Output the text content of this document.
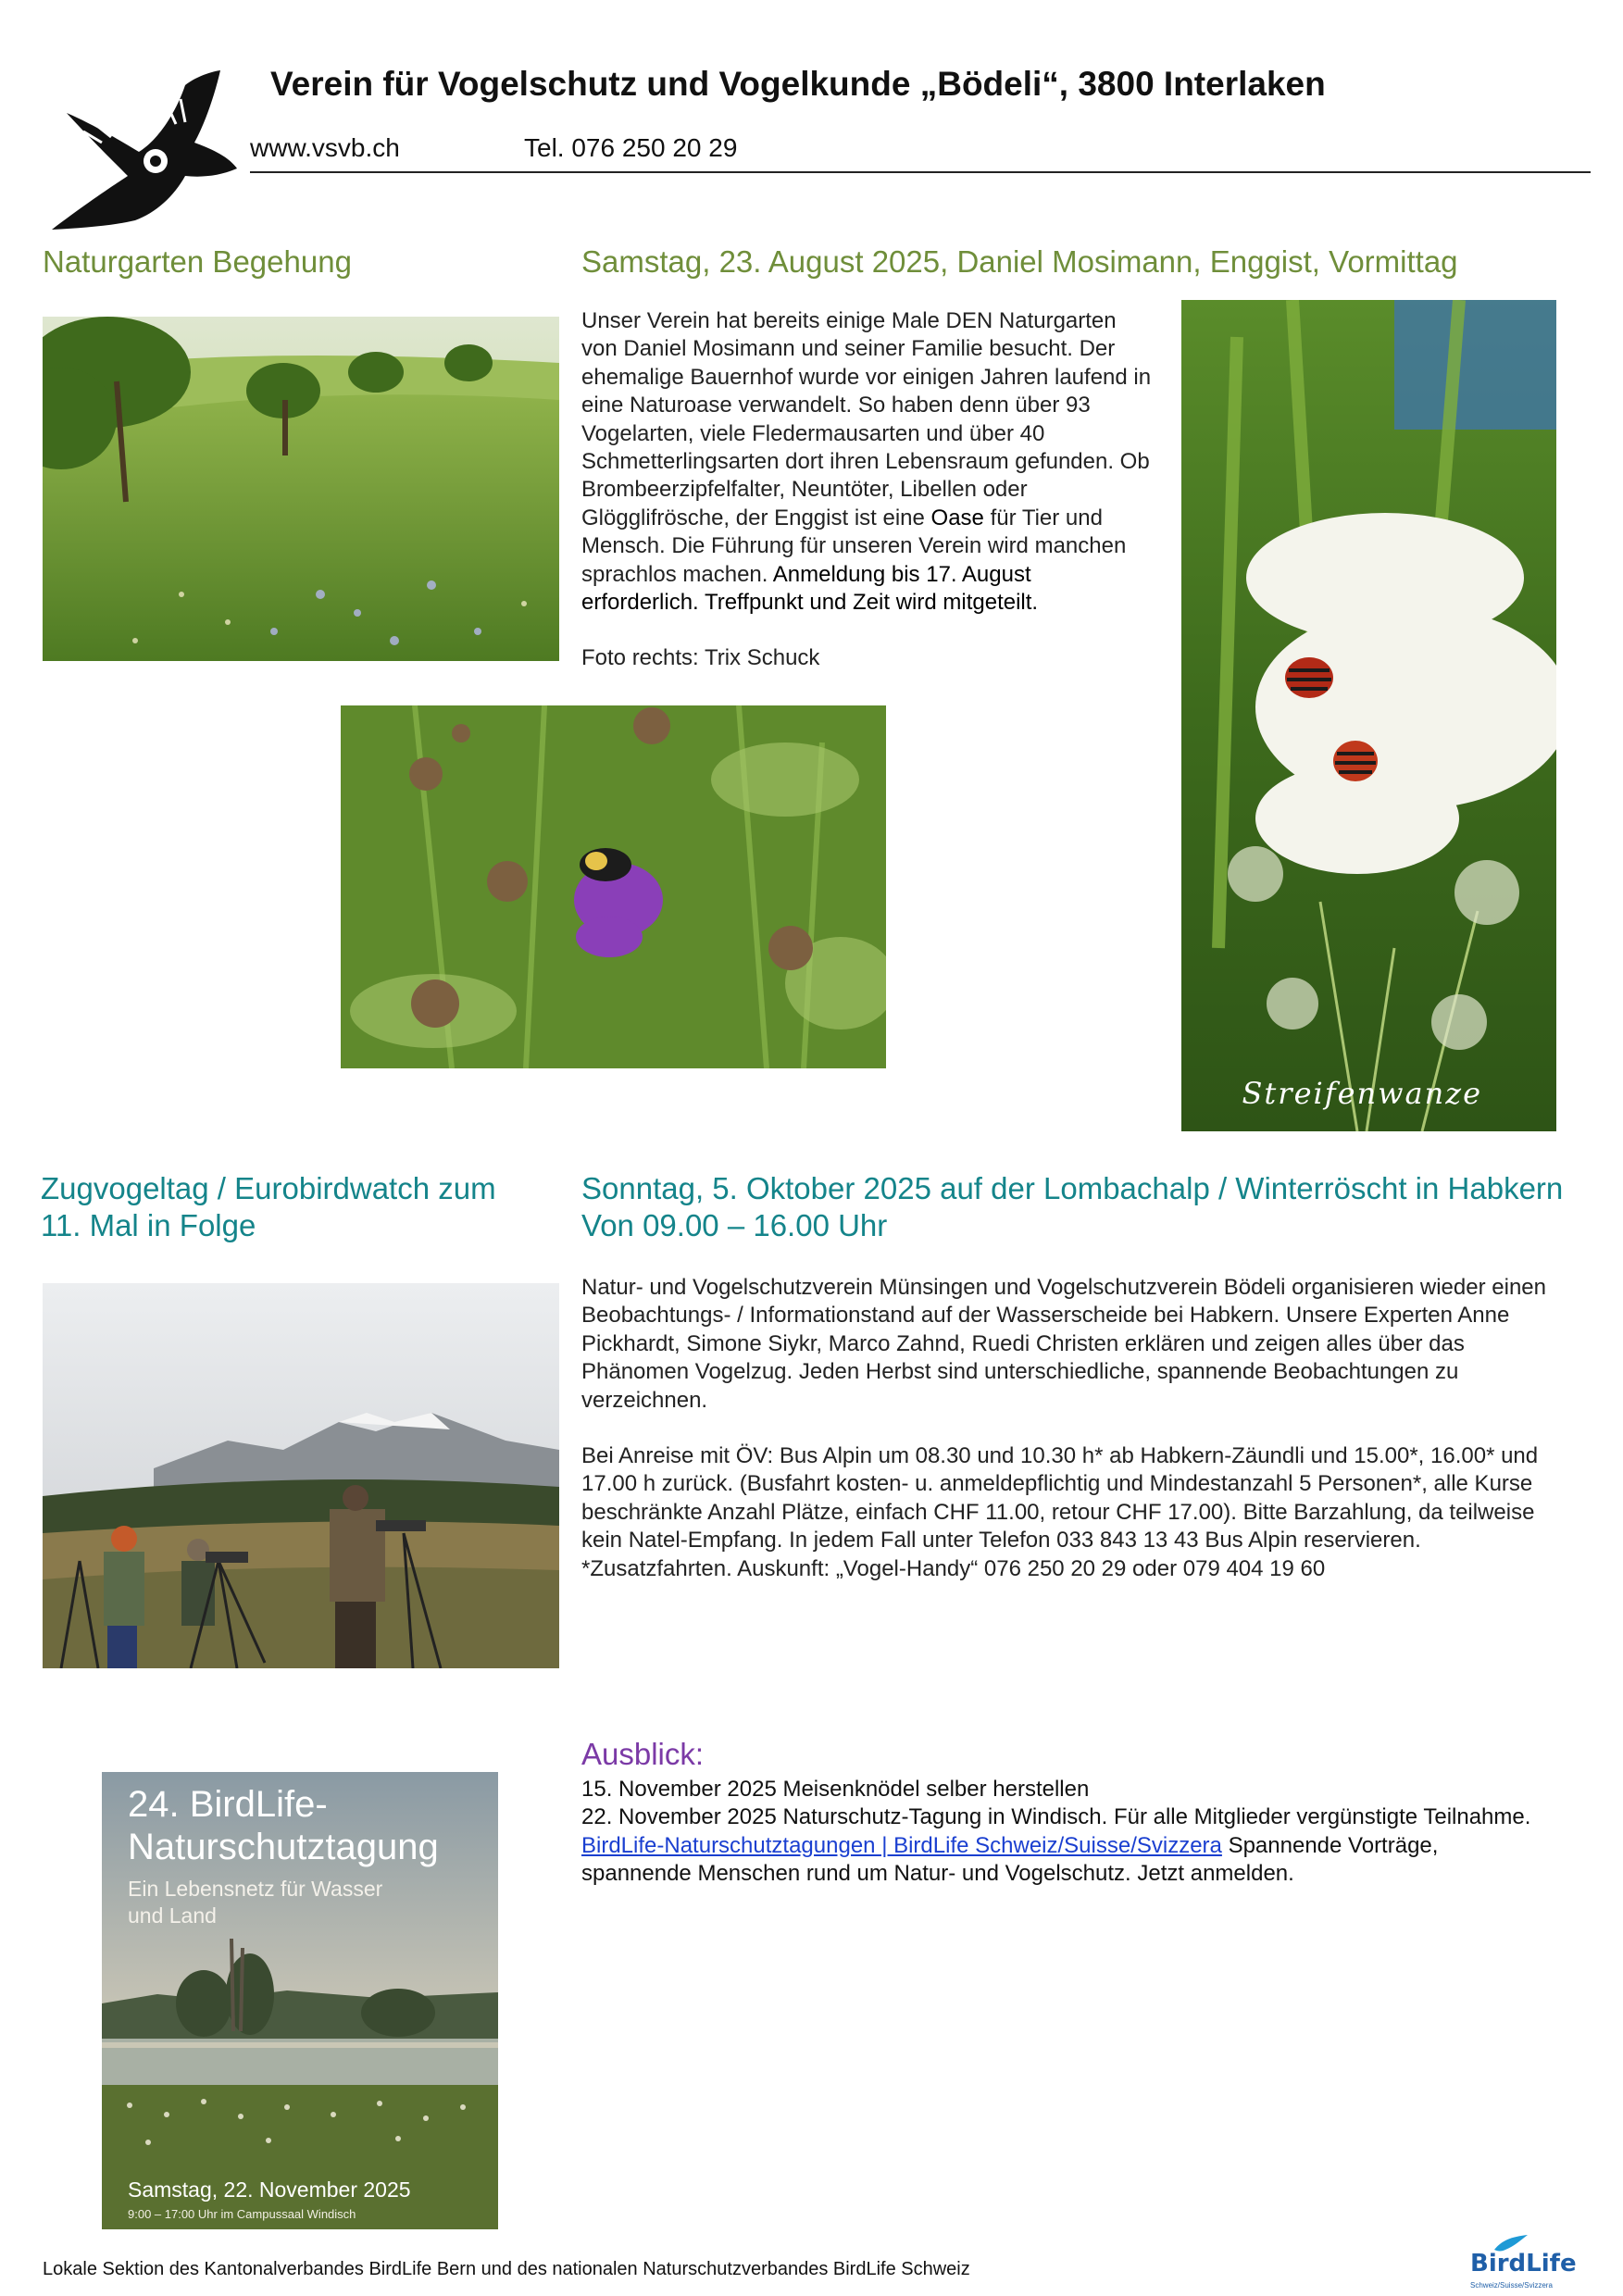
Verein für Vogelschutz und Vogelkunde „Bödeli“, 3800 Interlaken
www.vsvb.ch	Tel. 076 250 20 29
Naturgarten Begehung	Samstag, 23. August 2025, Daniel Mosimann, Enggist, Vormittag
Unser Verein hat bereits einige Male DEN Naturgarten
von Daniel Mosimann und seiner Familie besucht. Der
ehemalige Bauernhof wurde vor einigen Jahren laufend in
eine Naturoase verwandelt. So haben denn über 93
Vogelarten, viele Fledermausarten und über 40
Schmetterlingsarten dort ihren Lebensraum gefunden. Ob
Brombeerzipfelfalter, Neuntöter, Libellen oder
Glögglifrösche, der Enggist ist eine Oase für Tier und
Mensch. Die Führung für unseren Verein wird manchen
sprachlos machen. Anmeldung bis 17. August
erforderlich. Treffpunkt und Zeit wird mitgeteilt.
Foto rechts: Trix Schuck
Streifenwanze
Zugvogeltag / Eurobirdwatch zum
11. Mal in Folge
Sonntag, 5. Oktober 2025 auf der Lombachalp / Winterröscht in Habkern
Von 09.00 – 16.00 Uhr
Natur- und Vogelschutzverein Münsingen und Vogelschutzverein Bödeli organisieren wieder einen
Beobachtungs- / Informationstand auf der Wasserscheide bei Habkern. Unsere Experten Anne
Pickhardt, Simone Siykr, Marco Zahnd, Ruedi Christen erklären und zeigen alles über das
Phänomen Vogelzug. Jeden Herbst sind unterschiedliche, spannende Beobachtungen zu
verzeichnen.
Bei Anreise mit ÖV: Bus Alpin um 08.30 und 10.30 h* ab Habkern-Zäundli und 15.00*, 16.00* und
17.00 h zurück. (Busfahrt kosten- u. anmeldepflichtig und Mindestanzahl 5 Personen*, alle Kurse
beschränkte Anzahl Plätze, einfach CHF 11.00, retour CHF 17.00). Bitte Barzahlung, da teilweise
kein Natel-Empfang. In jedem Fall unter Telefon 033 843 13 43 Bus Alpin reservieren.
*Zusatzfahrten. Auskunft: „Vogel-Handy“ 076 250 20 29 oder 079 404 19 60
Ausblick:
15. November 2025 Meisenknödel selber herstellen
22. November 2025 Naturschutz-Tagung in Windisch. Für alle Mitglieder vergünstigte Teilnahme.
BirdLife-Naturschutztagungen | BirdLife Schweiz/Suisse/Svizzera Spannende Vorträge,
spannende Menschen rund um Natur- und Vogelschutz. Jetzt anmelden.
24. BirdLife-
Naturschutztagung
Ein Lebensnetz für Wasser
und Land
Samstag, 22. November 2025
9:00 – 17:00 Uhr im Campussaal Windisch
Lokale Sektion des Kantonalverbandes BirdLife Bern und des nationalen Naturschutzverbandes BirdLife Schweiz	BirdLife
Schweiz/Suisse/Svizzera
